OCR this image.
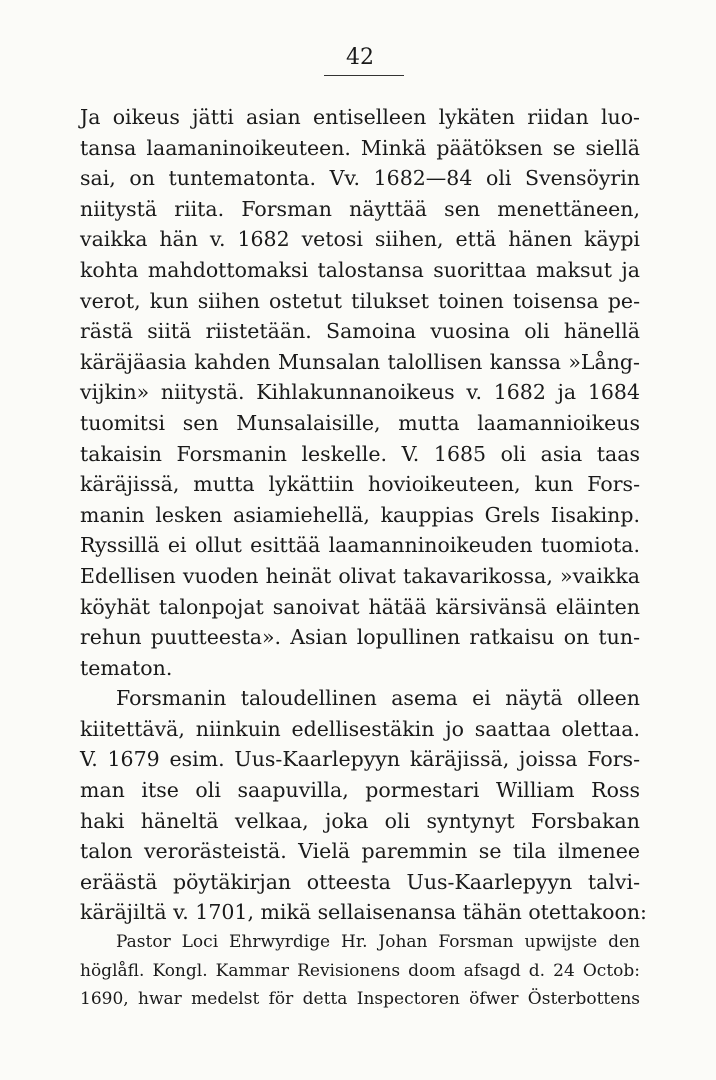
42
Ja oikeus jätti asian entiselleen lykäten riidan luo-
tansa laamaninoikeuteen. Minkä päätöksen se siellä
sai, on tuntematonta. Vv. 1682—84 oli Svensöyrin
niitystä riita. Forsman näyttää sen menettäneen,
vaikka hän v. 1682 vetosi siihen, että hänen käypi
kohta mahdottomaksi talostansa suorittaa maksut ja
verot, kun siihen ostetut tilukset toinen toisensa pe-
rästä siitä riistetään. Samoina vuosina oli hänellä
käräjäasia kahden Munsalan talollisen kanssa »Lång-
vijkin» niitystä. Kihlakunnanoikeus v. 1682 ja 1684
tuomitsi sen Munsalaisille, mutta laamannioikeus
takaisin Forsmanin leskelle. V. 1685 oli asia taas
käräjissä, mutta lykättiin hovioikeuteen, kun Fors-
manin lesken asiamiehellä, kauppias Grels Iisakinp.
Ryssillä ei ollut esittää laamanninoikeuden tuomiota.
Edellisen vuoden heinät olivat takavarikossa, »vaikka
köyhät talonpojat sanoivat hätää kärsivänsä eläinten
rehun puutteesta». Asian lopullinen ratkaisu on tun-
tematon.
Forsmanin taloudellinen asema ei näytä olleen
kiitettävä, niinkuin edellisestäkin jo saattaa olettaa.
V. 1679 esim. Uus-Kaarlepyyn käräjissä, joissa Fors-
man itse oli saapuvilla, pormestari William Ross
haki häneltä velkaa, joka oli syntynyt Forsbakan
talon verorästeistä. Vielä paremmin se tila ilmenee
eräästä pöytäkirjan otteesta Uus-Kaarlepyyn talvi-
käräjiltä v. 1701, mikä sellaisenansa tähän otettakoon:
Pastor Loci Ehrwyrdige Hr. Johan Forsman upwijste den
höglåfl. Kongl. Kammar Revisionens doom afsagd d. 24 Octob:
1690, hwar medelst för detta Inspectoren öfwer Österbottens
